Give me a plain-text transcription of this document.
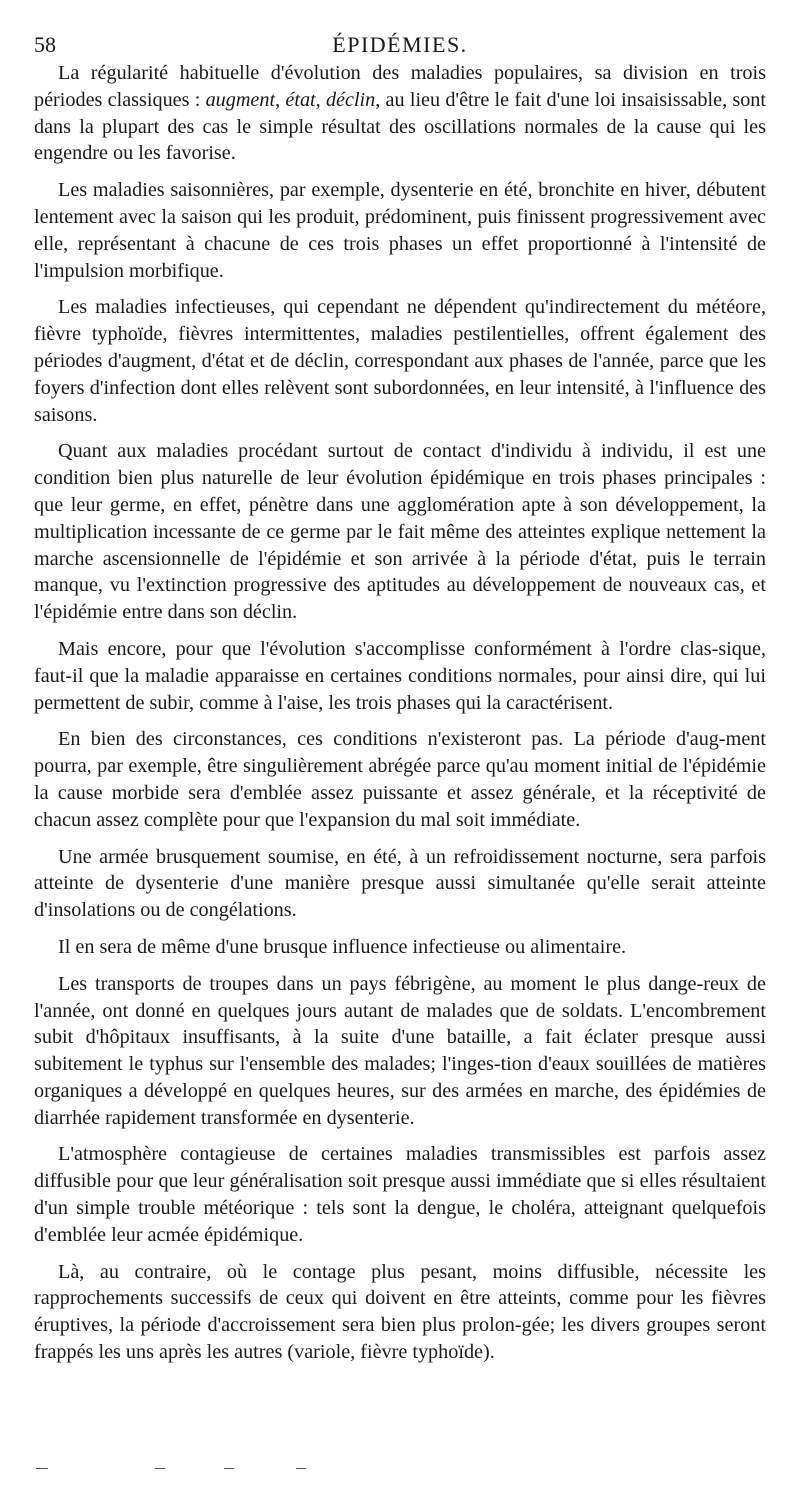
58	ÉPIDÉMIES.

La régularité habituelle d'évolution des maladies populaires, sa division en trois périodes classiques : augment, état, déclin, au lieu d'être le fait d'une loi insaisissable, sont dans la plupart des cas le simple résultat des oscillations normales de la cause qui les engendre ou les favorise.

Les maladies saisonnières, par exemple, dysenterie en été, bronchite en hiver, débutent lentement avec la saison qui les produit, prédominent, puis finissent progressivement avec elle, représentant à chacune de ces trois phases un effet proportionné à l'intensité de l'impulsion morbifique.

Les maladies infectieuses, qui cependant ne dépendent qu'indirectement du météore, fièvre typhoïde, fièvres intermittentes, maladies pestilentielles, offrent également des périodes d'augment, d'état et de déclin, correspondant aux phases de l'année, parce que les foyers d'infection dont elles relèvent sont subordonnées, en leur intensité, à l'influence des saisons.

Quant aux maladies procédant surtout de contact d'individu à individu, il est une condition bien plus naturelle de leur évolution épidémique en trois phases principales : que leur germe, en effet, pénètre dans une agglomération apte à son développement, la multiplication incessante de ce germe par le fait même des atteintes explique nettement la marche ascensionnelle de l'épidémie et son arrivée à la période d'état, puis le terrain manque, vu l'extinction progressive des aptitudes au développement de nouveaux cas, et l'épidémie entre dans son déclin.

Mais encore, pour que l'évolution s'accomplisse conformément à l'ordre clas-sique, faut-il que la maladie apparaisse en certaines conditions normales, pour ainsi dire, qui lui permettent de subir, comme à l'aise, les trois phases qui la caractérisent.

En bien des circonstances, ces conditions n'existeront pas. La période d'aug-ment pourra, par exemple, être singulièrement abrégée parce qu'au moment initial de l'épidémie la cause morbide sera d'emblée assez puissante et assez générale, et la réceptivité de chacun assez complète pour que l'expansion du mal soit immédiate.

Une armée brusquement soumise, en été, à un refroidissement nocturne, sera parfois atteinte de dysenterie d'une manière presque aussi simultanée qu'elle serait atteinte d'insolations ou de congélations.

Il en sera de même d'une brusque influence infectieuse ou alimentaire.

Les transports de troupes dans un pays fébrigène, au moment le plus dange-reux de l'année, ont donné en quelques jours autant de malades que de soldats. L'encombrement subit d'hôpitaux insuffisants, à la suite d'une bataille, a fait éclater presque aussi subitement le typhus sur l'ensemble des malades; l'inges-tion d'eaux souillées de matières organiques a développé en quelques heures, sur des armées en marche, des épidémies de diarrhée rapidement transformée en dysenterie.

L'atmosphère contagieuse de certaines maladies transmissibles est parfois assez diffusible pour que leur généralisation soit presque aussi immédiate que si elles résultaient d'un simple trouble météorique : tels sont la dengue, le choléra, atteignant quelquefois d'emblée leur acmée épidémique.

Là, au contraire, où le contage plus pesant, moins diffusible, nécessite les rapprochements successifs de ceux qui doivent en être atteints, comme pour les fièvres éruptives, la période d'accroissement sera bien plus prolon-gée; les divers groupes seront frappés les uns après les autres (variole, fièvre typhoïde).
